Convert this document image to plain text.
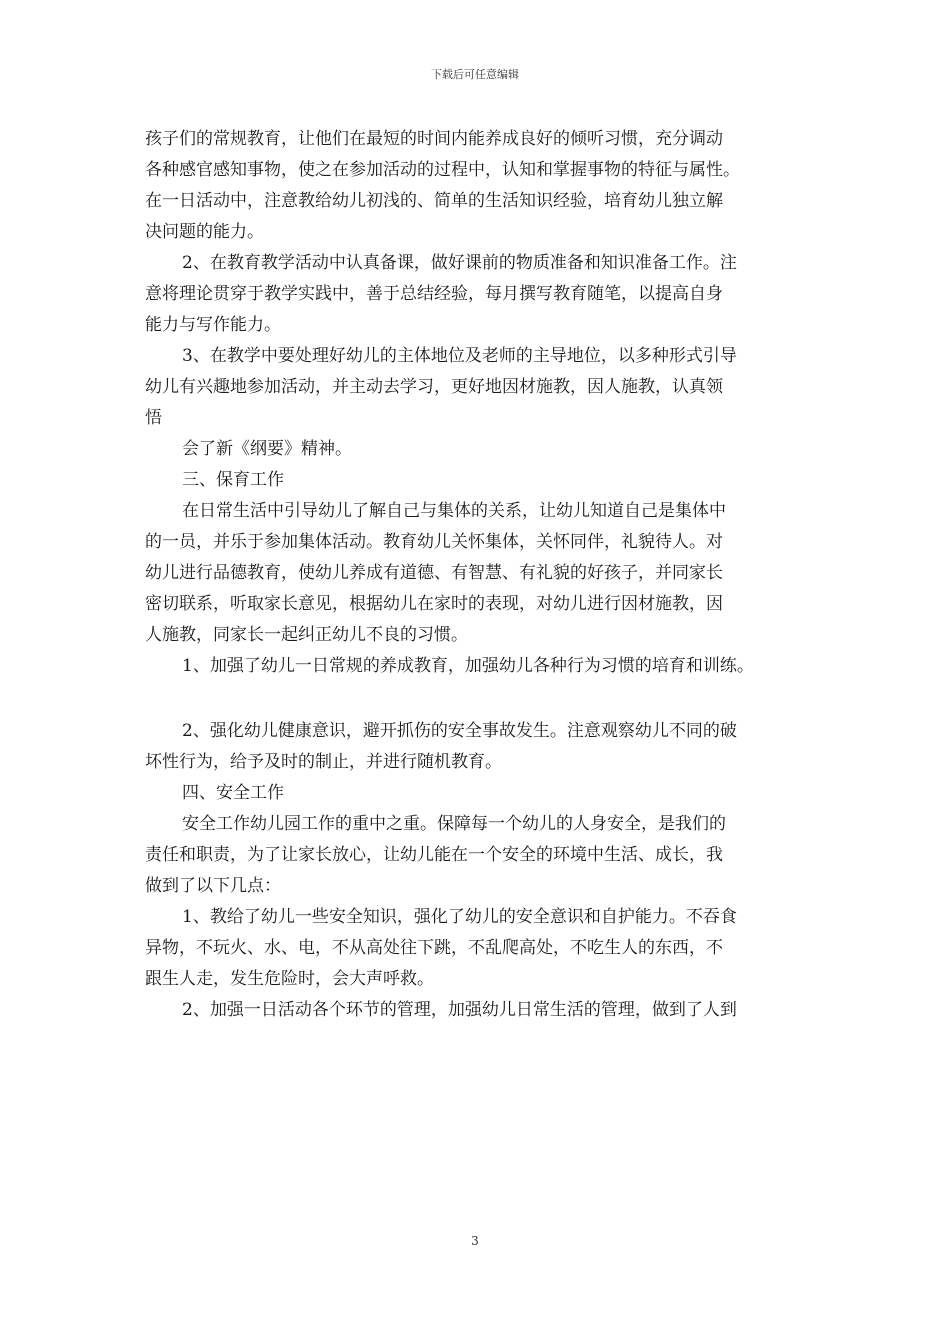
下载后可任意编辑
孩子们的常规教育，让他们在最短的时间内能养成良好的倾听习惯，充分调动
各种感官感知事物，使之在参加活动的过程中，认知和掌握事物的特征与属性。
在一日活动中，注意教给幼儿初浅的、简单的生活知识经验，培育幼儿独立解
决问题的能力。
2、在教育教学活动中认真备课，做好课前的物质准备和知识准备工作。注
意将理论贯穿于教学实践中，善于总结经验，每月撰写教育随笔，以提高自身
能力与写作能力。
3、在教学中要处理好幼儿的主体地位及老师的主导地位，以多种形式引导
幼儿有兴趣地参加活动，并主动去学习，更好地因材施教，因人施教，认真领
悟
会了新《纲要》精神。
三、保育工作
在日常生活中引导幼儿了解自己与集体的关系，让幼儿知道自己是集体中
的一员，并乐于参加集体活动。教育幼儿关怀集体，关怀同伴，礼貌待人。对
幼儿进行品德教育，使幼儿养成有道德、有智慧、有礼貌的好孩子，并同家长
密切联系，听取家长意见，根据幼儿在家时的表现，对幼儿进行因材施教，因
人施教，同家长一起纠正幼儿不良的习惯。
1、加强了幼儿一日常规的养成教育，加强幼儿各种行为习惯的培育和训练。
2、强化幼儿健康意识，避开抓伤的安全事故发生。注意观察幼儿不同的破
坏性行为，给予及时的制止，并进行随机教育。
四、安全工作
安全工作幼儿园工作的重中之重。保障每一个幼儿的人身安全，是我们的
责任和职责，为了让家长放心，让幼儿能在一个安全的环境中生活、成长，我
做到了以下几点：
1、教给了幼儿一些安全知识，强化了幼儿的安全意识和自护能力。不吞食
异物，不玩火、水、电，不从高处往下跳，不乱爬高处，不吃生人的东西，不
跟生人走，发生危险时，会大声呼救。
2、加强一日活动各个环节的管理，加强幼儿日常生活的管理，做到了人到
3
